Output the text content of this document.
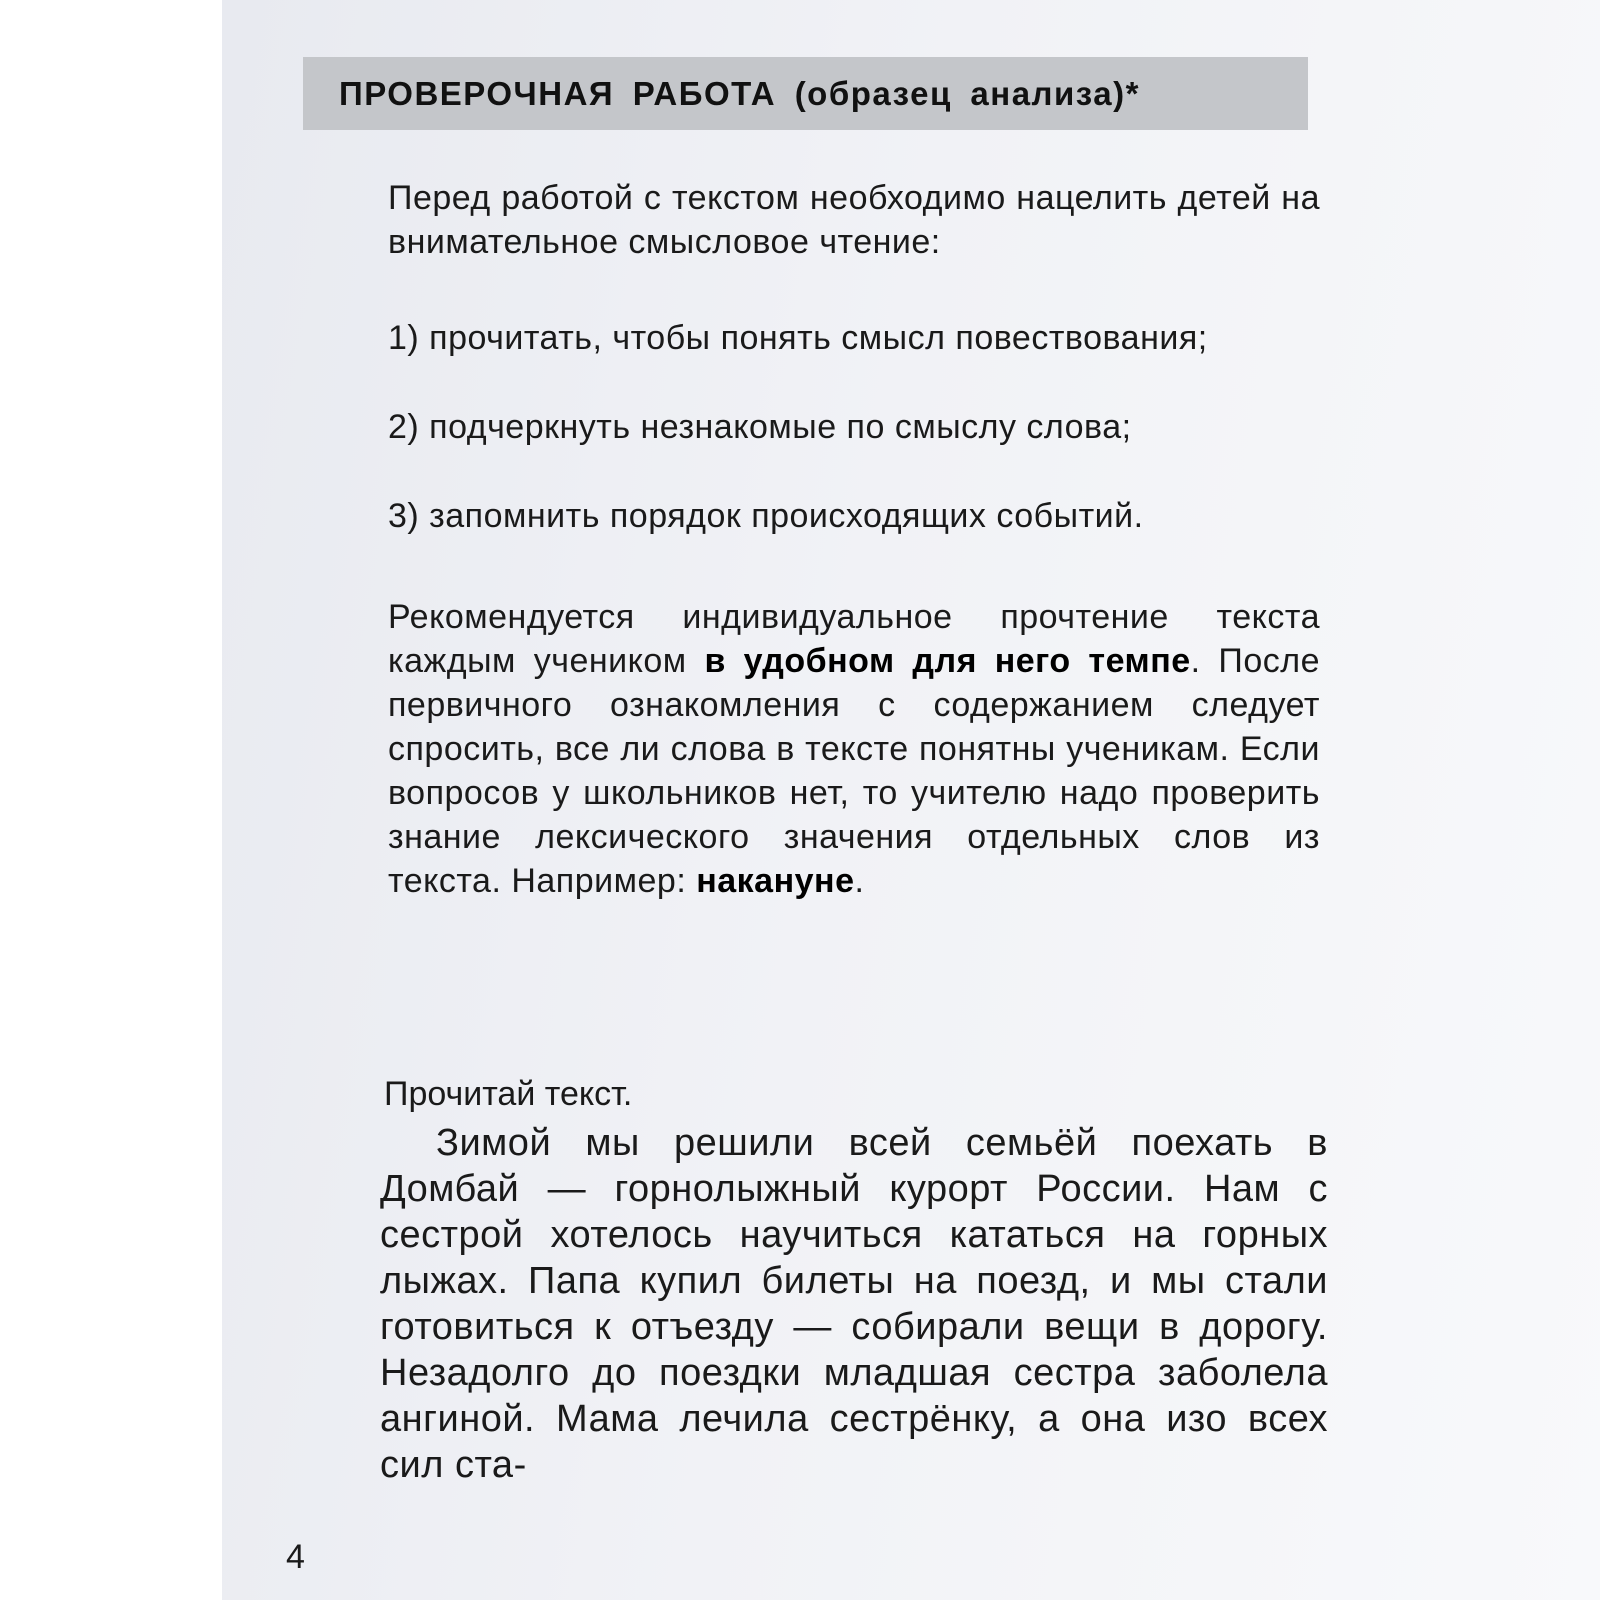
ПРОВЕРОЧНАЯ РАБОТА (образец анализа)*

Перед работой с текстом необходимо нацелить детей на внимательное смысловое чтение:

1) прочитать, чтобы понять смысл повествования;

2) подчеркнуть незнакомые по смыслу слова;

3) запомнить порядок происходящих событий.

Рекомендуется индивидуальное прочтение текста каждым учеником в удобном для него темпе. После первичного ознакомления с содержанием следует спросить, все ли слова в тексте понятны ученикам. Если вопросов у школьников нет, то учителю надо проверить знание лексического значения отдельных слов из текста. Например: накануне.

Прочитай текст.

Зимой мы решили всей семьёй поехать в Домбай — горнолыжный курорт России. Нам с сестрой хотелось научиться кататься на горных лыжах. Папа купил билеты на поезд, и мы стали готовиться к отъезду — собирали вещи в дорогу. Незадолго до поездки младшая сестра заболела ангиной. Мама лечила сестрёнку, а она изо всех сил ста-

4
